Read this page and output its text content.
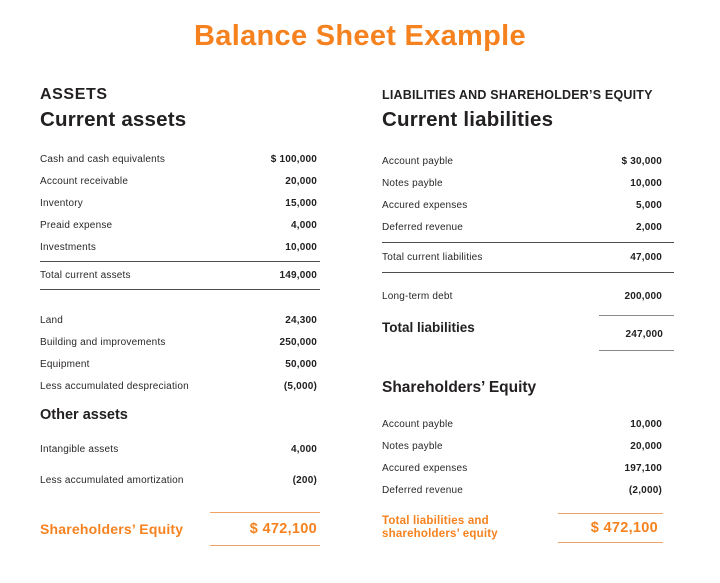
Balance Sheet Example
ASSETS
Current assets
Cash and cash equivalents	$ 100,000
Account receivable	20,000
Inventory	15,000
Preaid expense	4,000
Investments	10,000
Total current assets	149,000
Land	24,300
Building and improvements	250,000
Equipment	50,000
Less accumulated despreciation	(5,000)
Other assets
Intangible assets	4,000
Less accumulated amortization	(200)
Shareholders’ Equity	$ 472,100
LIABILITIES AND SHAREHOLDER’S EQUITY
Current liabilities
Account payble	$ 30,000
Notes payble	10,000
Accured expenses	5,000
Deferred revenue	2,000
Total current liabilities	47,000
Long-term debt	200,000
Total liabilities	247,000
Shareholders’ Equity
Account payble	10,000
Notes payble	20,000
Accured expenses	197,100
Deferred revenue	(2,000)
Total liabilities and shareholders’ equity	$ 472,100
